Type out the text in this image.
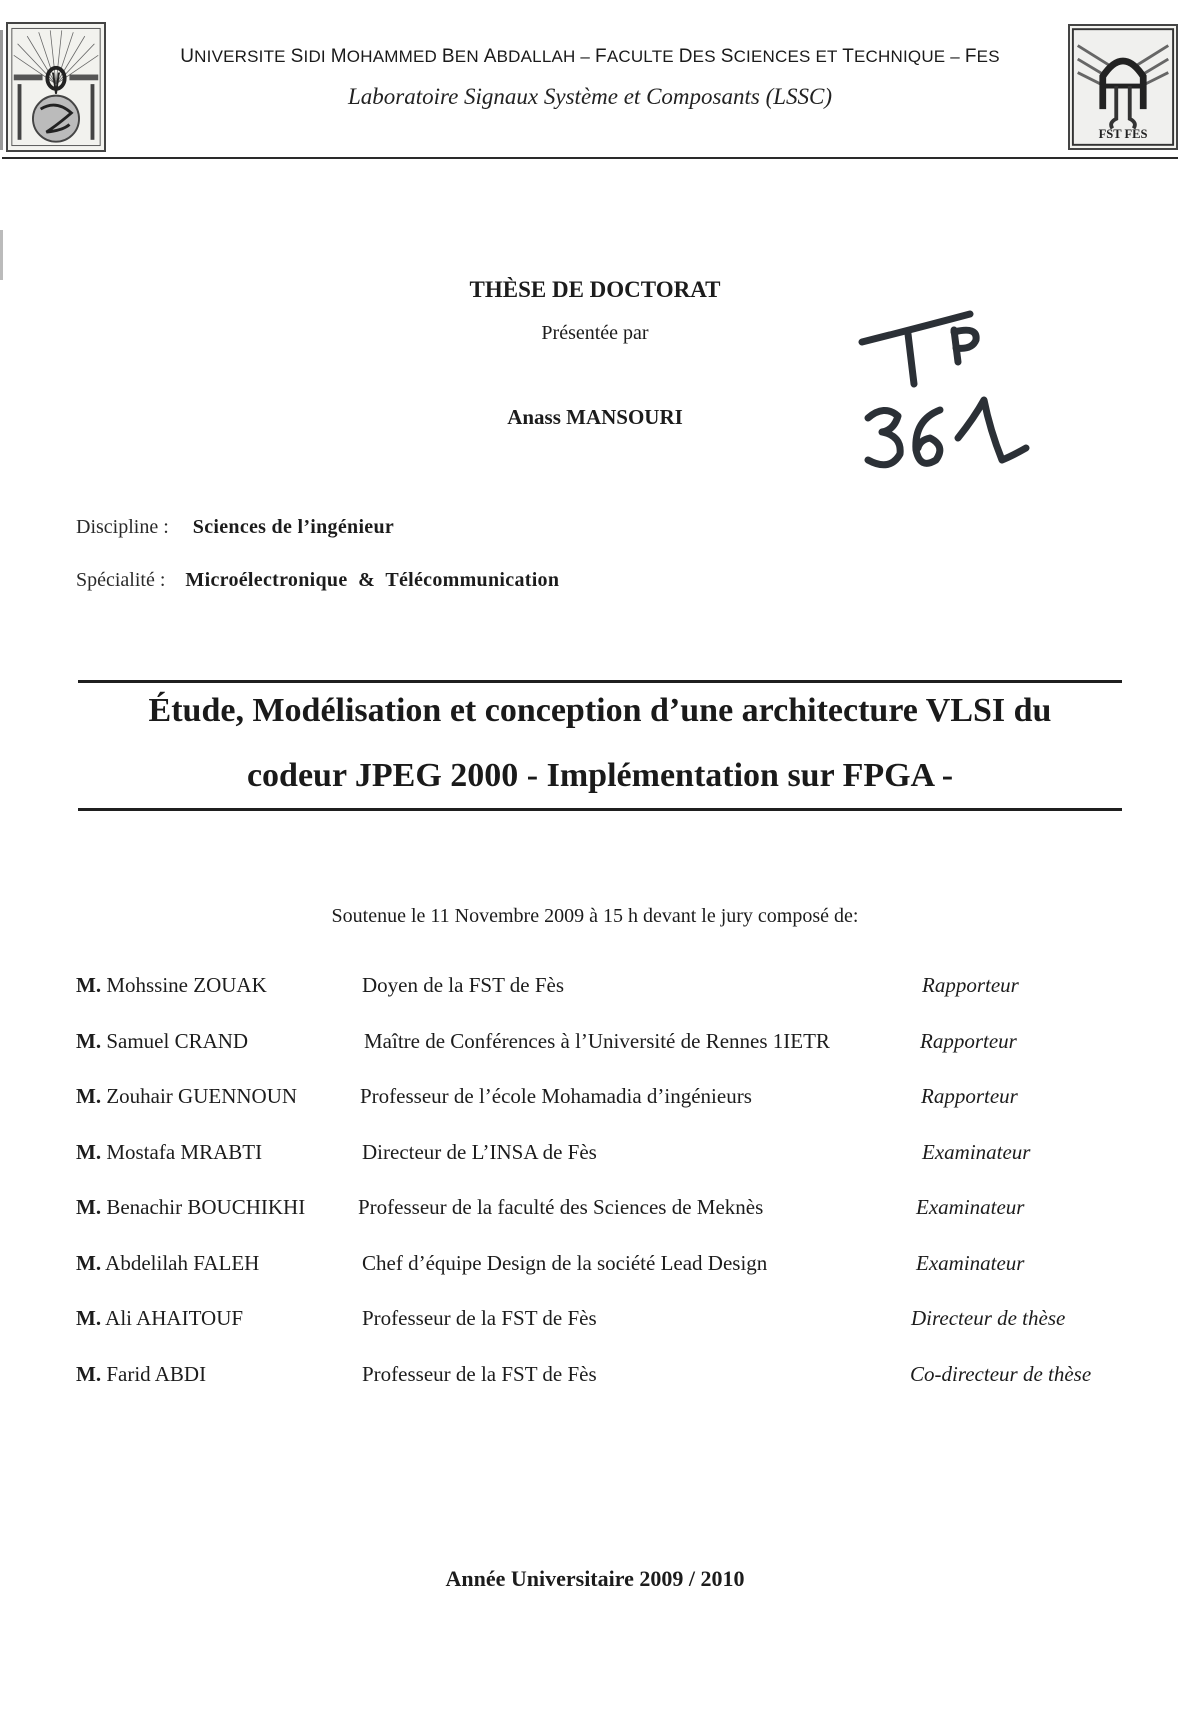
UNIVERSITE SIDI MOHAMMED BEN ABDALLAH – FACULTE DES SCIENCES ET TECHNIQUE – FES
Laboratoire Signaux Système et Composants (LSSC)
FST FES
THÈSE DE DOCTORAT
Présentée par
Anass MANSOURI
Discipline : Sciences de l’ingénieur
Spécialité : Microélectronique  &  Télécommunication
Étude, Modélisation et conception d’une architecture VLSI du
codeur JPEG 2000 - Implémentation sur FPGA -
Soutenue le 11 Novembre 2009 à 15 h devant le jury composé de:
M. Mohssine ZOUAK	Doyen de la FST de Fès	Rapporteur
M. Samuel CRAND	Maître de Conférences à l’Université de Rennes 1IETR	Rapporteur
M. Zouhair GUENNOUN	Professeur de l’école Mohamadia d’ingénieurs	Rapporteur
M. Mostafa MRABTI	Directeur de L’INSA de Fès	Examinateur
M. Benachir BOUCHIKHI	Professeur de la faculté des Sciences de Meknès	Examinateur
M. Abdelilah FALEH	Chef d’équipe Design de la société Lead Design	Examinateur
M. Ali AHAITOUF	Professeur de la FST de Fès	Directeur de thèse
M. Farid ABDI	Professeur de la FST de Fès	Co-directeur de thèse
Année Universitaire 2009 / 2010
